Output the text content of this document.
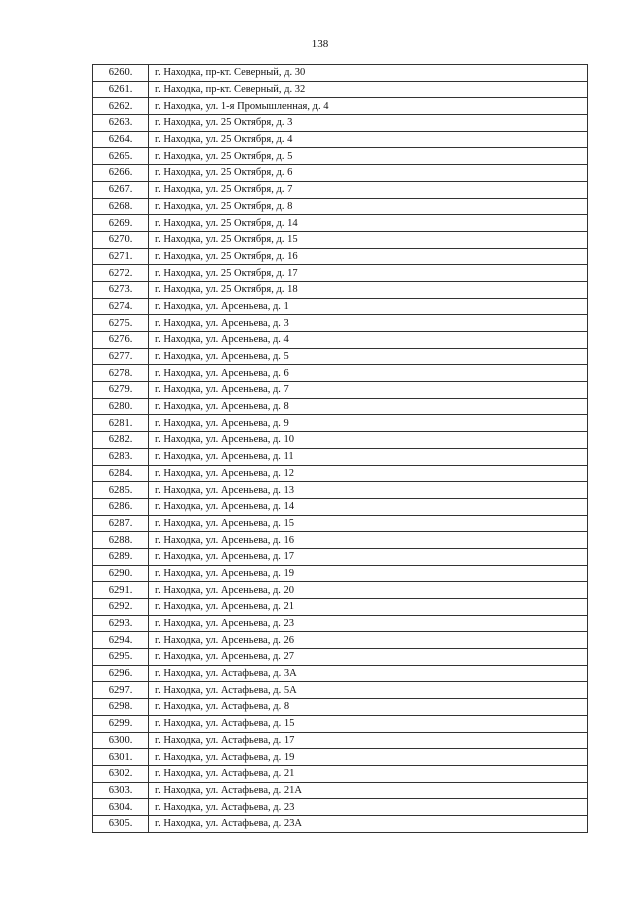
138
6260.	г. Находка, пр-кт. Северный, д. 30
6261.	г. Находка, пр-кт. Северный, д. 32
6262.	г. Находка, ул. 1-я Промышленная, д. 4
6263.	г. Находка, ул. 25 Октября, д. 3
6264.	г. Находка, ул. 25 Октября, д. 4
6265.	г. Находка, ул. 25 Октября, д. 5
6266.	г. Находка, ул. 25 Октября, д. 6
6267.	г. Находка, ул. 25 Октября, д. 7
6268.	г. Находка, ул. 25 Октября, д. 8
6269.	г. Находка, ул. 25 Октября, д. 14
6270.	г. Находка, ул. 25 Октября, д. 15
6271.	г. Находка, ул. 25 Октября, д. 16
6272.	г. Находка, ул. 25 Октября, д. 17
6273.	г. Находка, ул. 25 Октября, д. 18
6274.	г. Находка, ул. Арсеньева, д. 1
6275.	г. Находка, ул. Арсеньева, д. 3
6276.	г. Находка, ул. Арсеньева, д. 4
6277.	г. Находка, ул. Арсеньева, д. 5
6278.	г. Находка, ул. Арсеньева, д. 6
6279.	г. Находка, ул. Арсеньева, д. 7
6280.	г. Находка, ул. Арсеньева, д. 8
6281.	г. Находка, ул. Арсеньева, д. 9
6282.	г. Находка, ул. Арсеньева, д. 10
6283.	г. Находка, ул. Арсеньева, д. 11
6284.	г. Находка, ул. Арсеньева, д. 12
6285.	г. Находка, ул. Арсеньева, д. 13
6286.	г. Находка, ул. Арсеньева, д. 14
6287.	г. Находка, ул. Арсеньева, д. 15
6288.	г. Находка, ул. Арсеньева, д. 16
6289.	г. Находка, ул. Арсеньева, д. 17
6290.	г. Находка, ул. Арсеньева, д. 19
6291.	г. Находка, ул. Арсеньева, д. 20
6292.	г. Находка, ул. Арсеньева, д. 21
6293.	г. Находка, ул. Арсеньева, д. 23
6294.	г. Находка, ул. Арсеньева, д. 26
6295.	г. Находка, ул. Арсеньева, д. 27
6296.	г. Находка, ул. Астафьева, д. 3А
6297.	г. Находка, ул. Астафьева, д. 5А
6298.	г. Находка, ул. Астафьева, д. 8
6299.	г. Находка, ул. Астафьева, д. 15
6300.	г. Находка, ул. Астафьева, д. 17
6301.	г. Находка, ул. Астафьева, д. 19
6302.	г. Находка, ул. Астафьева, д. 21
6303.	г. Находка, ул. Астафьева, д. 21А
6304.	г. Находка, ул. Астафьева, д. 23
6305.	г. Находка, ул. Астафьева, д. 23А
